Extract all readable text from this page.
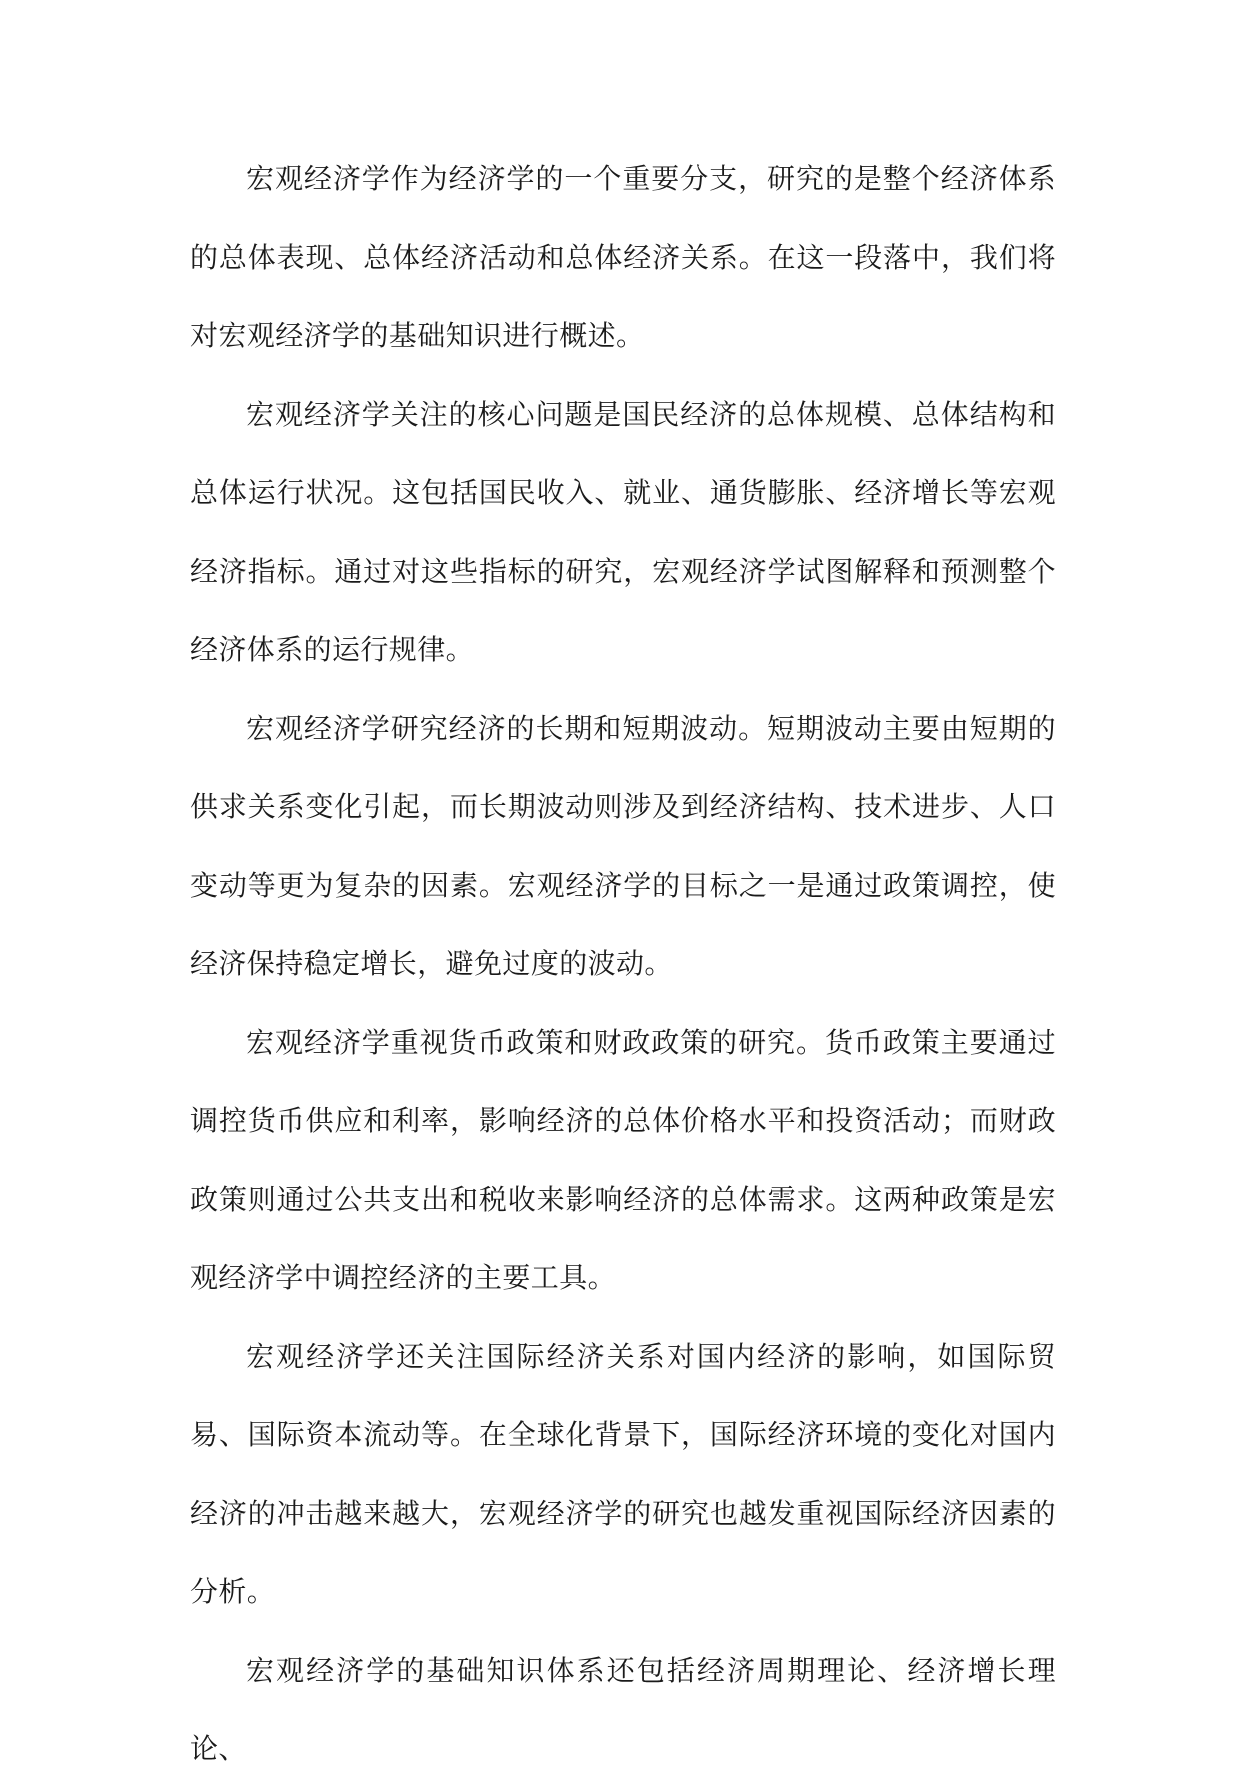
宏观经济学作为经济学的一个重要分支，研究的是整个经济体系的总体表现、总体经济活动和总体经济关系。在这一段落中，我们将对宏观经济学的基础知识进行概述。

宏观经济学关注的核心问题是国民经济的总体规模、总体结构和总体运行状况。这包括国民收入、就业、通货膨胀、经济增长等宏观经济指标。通过对这些指标的研究，宏观经济学试图解释和预测整个经济体系的运行规律。

宏观经济学研究经济的长期和短期波动。短期波动主要由短期的供求关系变化引起，而长期波动则涉及到经济结构、技术进步、人口变动等更为复杂的因素。宏观经济学的目标之一是通过政策调控，使经济保持稳定增长，避免过度的波动。

宏观经济学重视货币政策和财政政策的研究。货币政策主要通过调控货币供应和利率，影响经济的总体价格水平和投资活动；而财政政策则通过公共支出和税收来影响经济的总体需求。这两种政策是宏观经济学中调控经济的主要工具。

宏观经济学还关注国际经济关系对国内经济的影响，如国际贸易、国际资本流动等。在全球化背景下，国际经济环境的变化对国内经济的冲击越来越大，宏观经济学的研究也越发重视国际经济因素的分析。

宏观经济学的基础知识体系还包括经济周期理论、经济增长理论、
